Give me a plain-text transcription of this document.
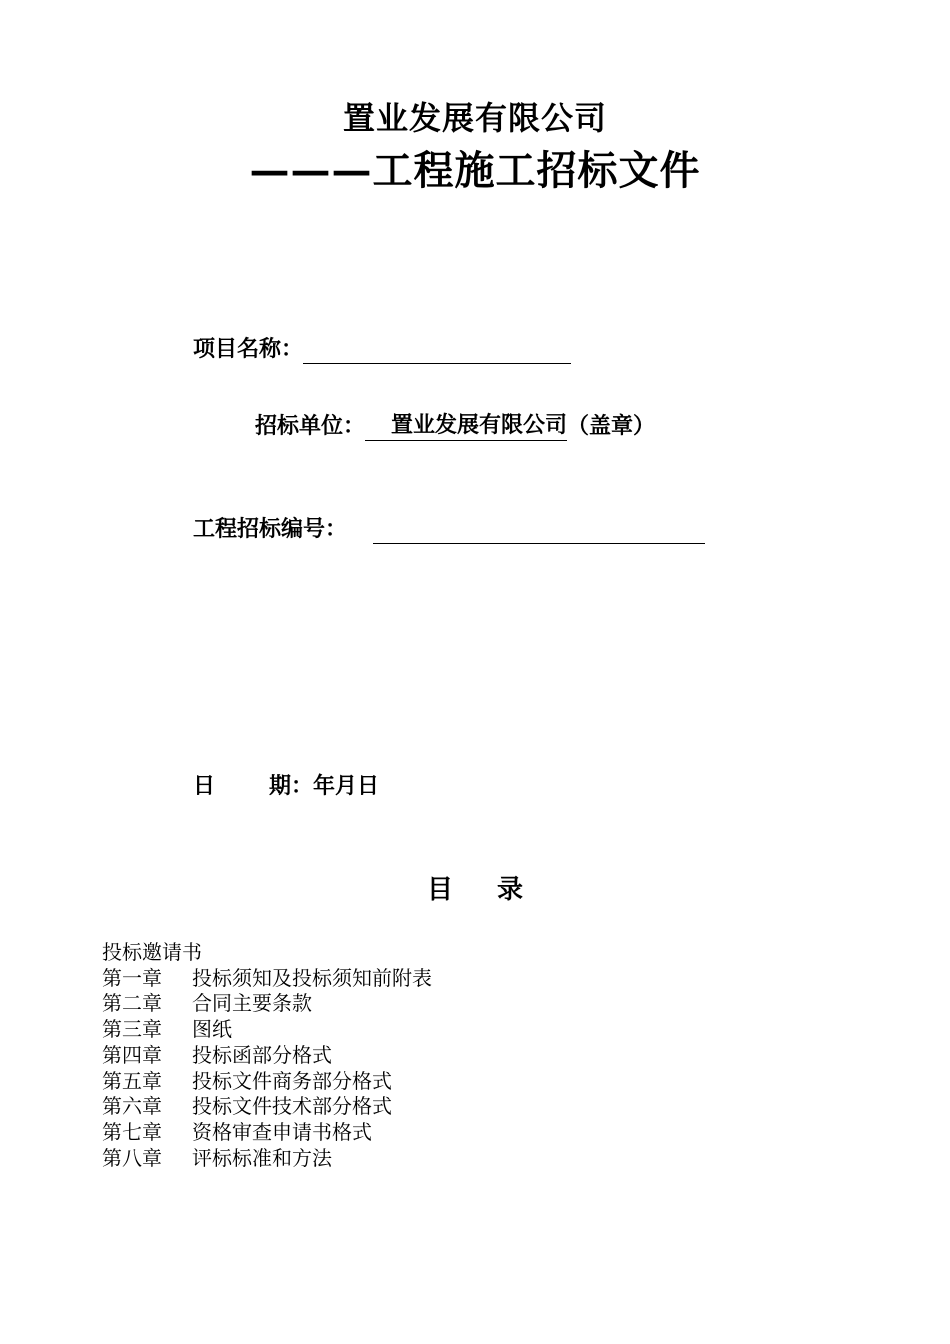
置业发展有限公司
———工程施工招标文件
项目名称：
招标单位： 置业发展有限公司（盖章）
工程招标编号：
日 期：年月日
目 录
投标邀请书
第一章 投标须知及投标须知前附表
第二章 合同主要条款
第三章 图纸
第四章 投标函部分格式
第五章 投标文件商务部分格式
第六章 投标文件技术部分格式
第七章 资格审查申请书格式
第八章 评标标准和方法
